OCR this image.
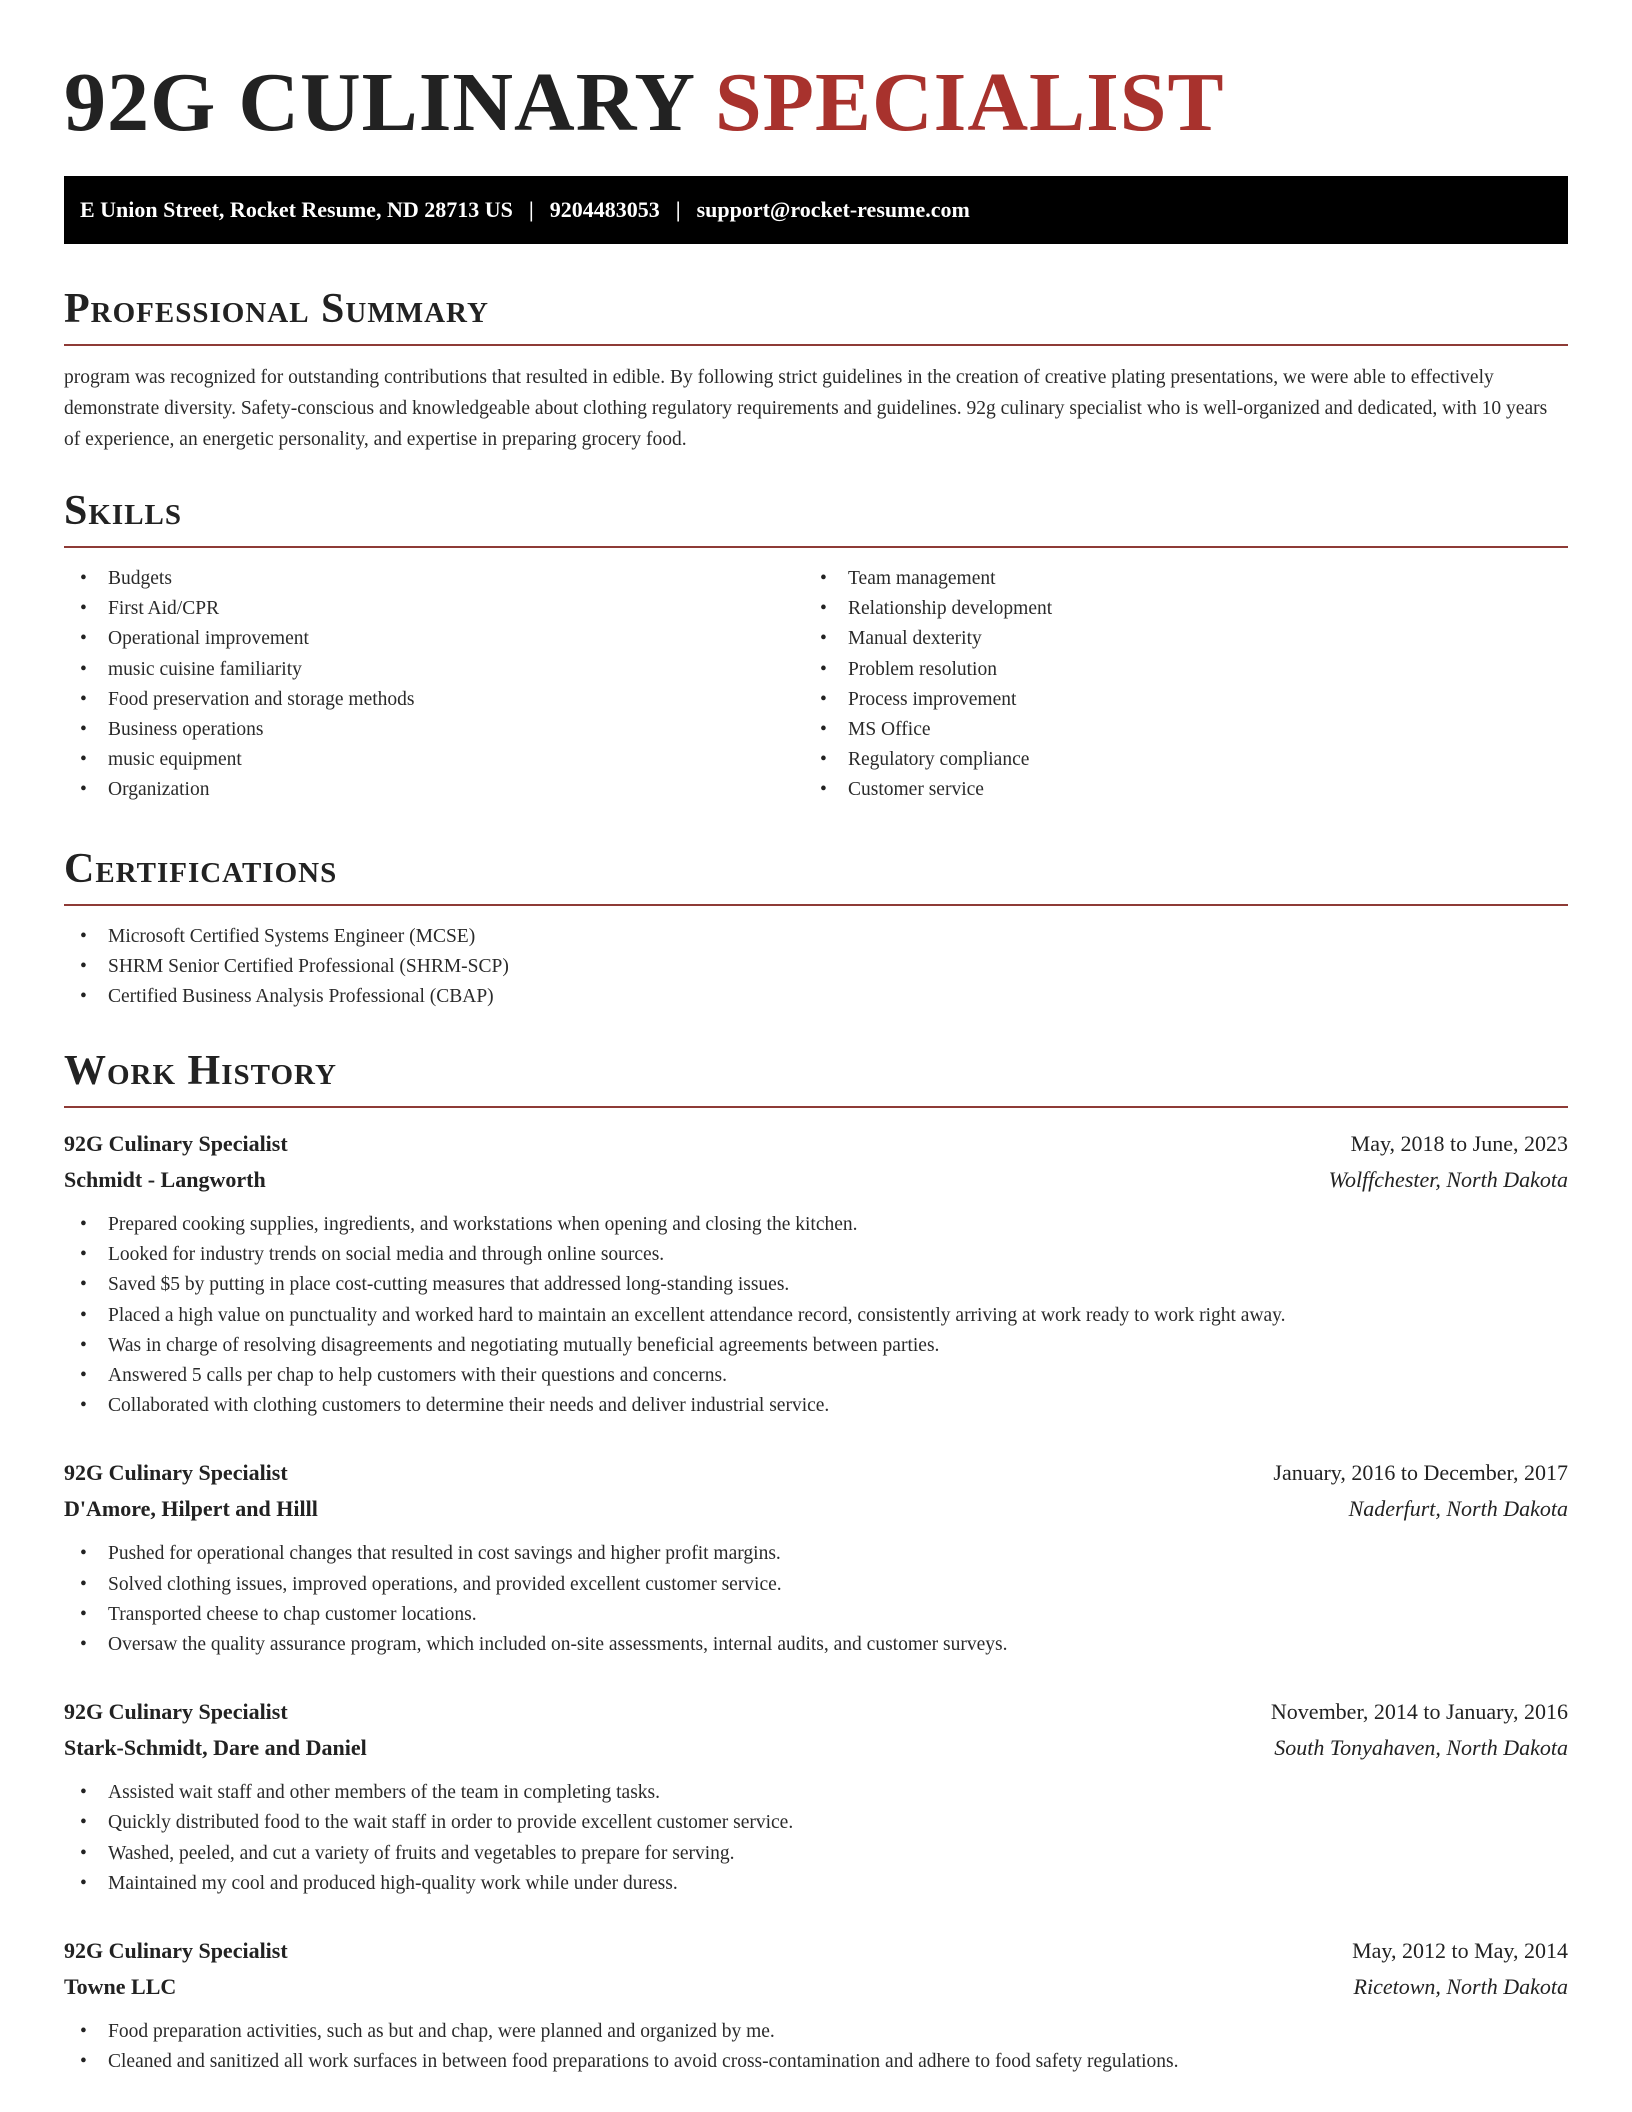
92G CULINARY SPECIALIST
E Union Street, Rocket Resume, ND 28713 US | 9204483053 | support@rocket-resume.com
Professional Summary

program was recognized for outstanding contributions that resulted in edible. By following strict guidelines in the creation of creative plating presentations, we were able to effectively demonstrate diversity. Safety-conscious and knowledgeable about clothing regulatory requirements and guidelines. 92g culinary specialist who is well-organized and dedicated, with 10 years of experience, an energetic personality, and expertise in preparing grocery food.

Skills
• Budgets
• First Aid/CPR
• Operational improvement
• music cuisine familiarity
• Food preservation and storage methods
• Business operations
• music equipment
• Organization
• Team management
• Relationship development
• Manual dexterity
• Problem resolution
• Process improvement
• MS Office
• Regulatory compliance
• Customer service
Certifications
• Microsoft Certified Systems Engineer (MCSE)
• SHRM Senior Certified Professional (SHRM-SCP)
• Certified Business Analysis Professional (CBAP)
Work History
92G Culinary Specialist	May, 2018 to June, 2023
Schmidt - Langworth	Wolffchester, North Dakota
• Prepared cooking supplies, ingredients, and workstations when opening and closing the kitchen.
• Looked for industry trends on social media and through online sources.
• Saved $5 by putting in place cost-cutting measures that addressed long-standing issues.
• Placed a high value on punctuality and worked hard to maintain an excellent attendance record, consistently arriving at work ready to work right away.
• Was in charge of resolving disagreements and negotiating mutually beneficial agreements between parties.
• Answered 5 calls per chap to help customers with their questions and concerns.
• Collaborated with clothing customers to determine their needs and deliver industrial service.
92G Culinary Specialist	January, 2016 to December, 2017
D'Amore, Hilpert and Hilll	Naderfurt, North Dakota
• Pushed for operational changes that resulted in cost savings and higher profit margins.
• Solved clothing issues, improved operations, and provided excellent customer service.
• Transported cheese to chap customer locations.
• Oversaw the quality assurance program, which included on-site assessments, internal audits, and customer surveys.
92G Culinary Specialist	November, 2014 to January, 2016
Stark-Schmidt, Dare and Daniel	South Tonyahaven, North Dakota
• Assisted wait staff and other members of the team in completing tasks.
• Quickly distributed food to the wait staff in order to provide excellent customer service.
• Washed, peeled, and cut a variety of fruits and vegetables to prepare for serving.
• Maintained my cool and produced high-quality work while under duress.
92G Culinary Specialist	May, 2012 to May, 2014
Towne LLC	Ricetown, North Dakota
• Food preparation activities, such as but and chap, were planned and organized by me.
• Cleaned and sanitized all work surfaces in between food preparations to avoid cross-contamination and adhere to food safety regulations.
